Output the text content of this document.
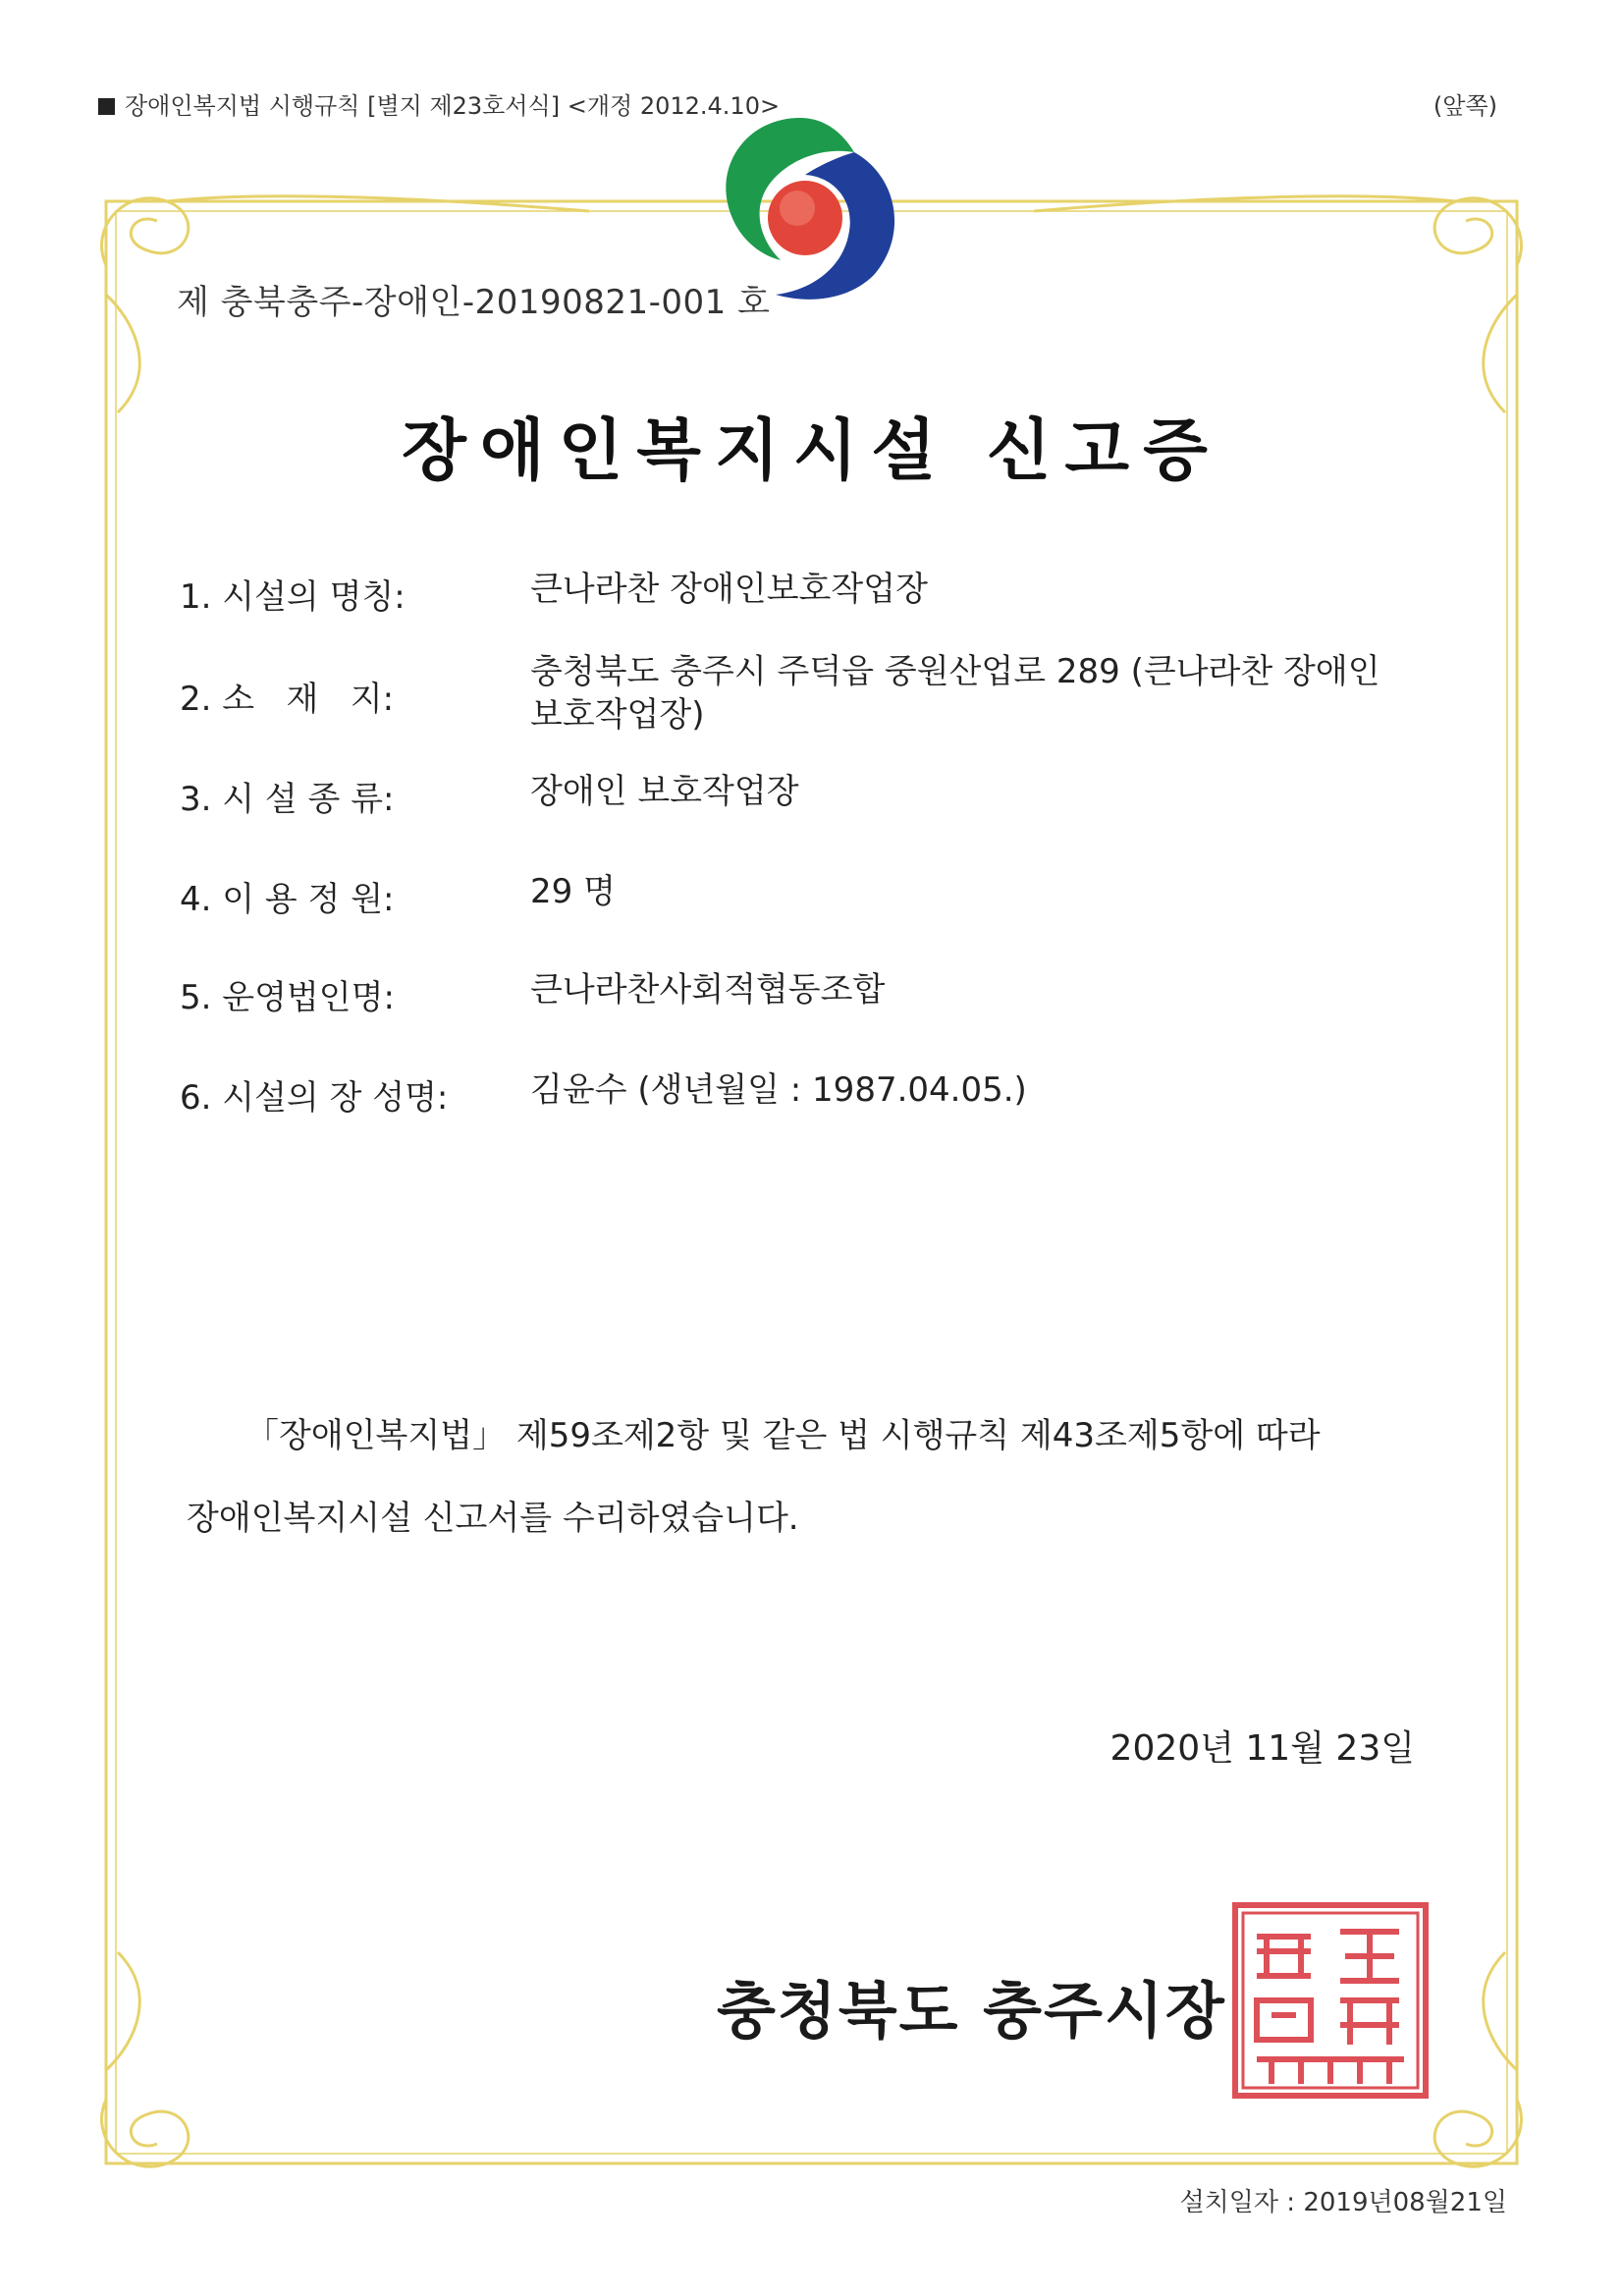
장애인복지법 시행규칙 [별지 제23호서식] <개정 2012.4.10>	(앞쪽)
제 충북충주-장애인-20190821-001 호
장애인복지시설 신고증
1. 시설의 명칭:	큰나라찬 장애인보호작업장
2. 소   재   지:
충청북도 충주시 주덕읍 중원산업로 289 (큰나라찬 장애인보호작업장)
3. 시 설 종 류:	장애인 보호작업장
4. 이 용 정 원:	29 명
5. 운영법인명:	큰나라찬사회적협동조합
6. 시설의 장 성명: 김윤수 (생년월일 : 1987.04.05.)
「장애인복지법」 제59조제2항 및 같은 법 시행규칙 제43조제5항에 따라
장애인복지시설 신고서를 수리하였습니다.
2020년 11월 23일
충청북도 충주시장
설치일자 : 2019년08월21일
